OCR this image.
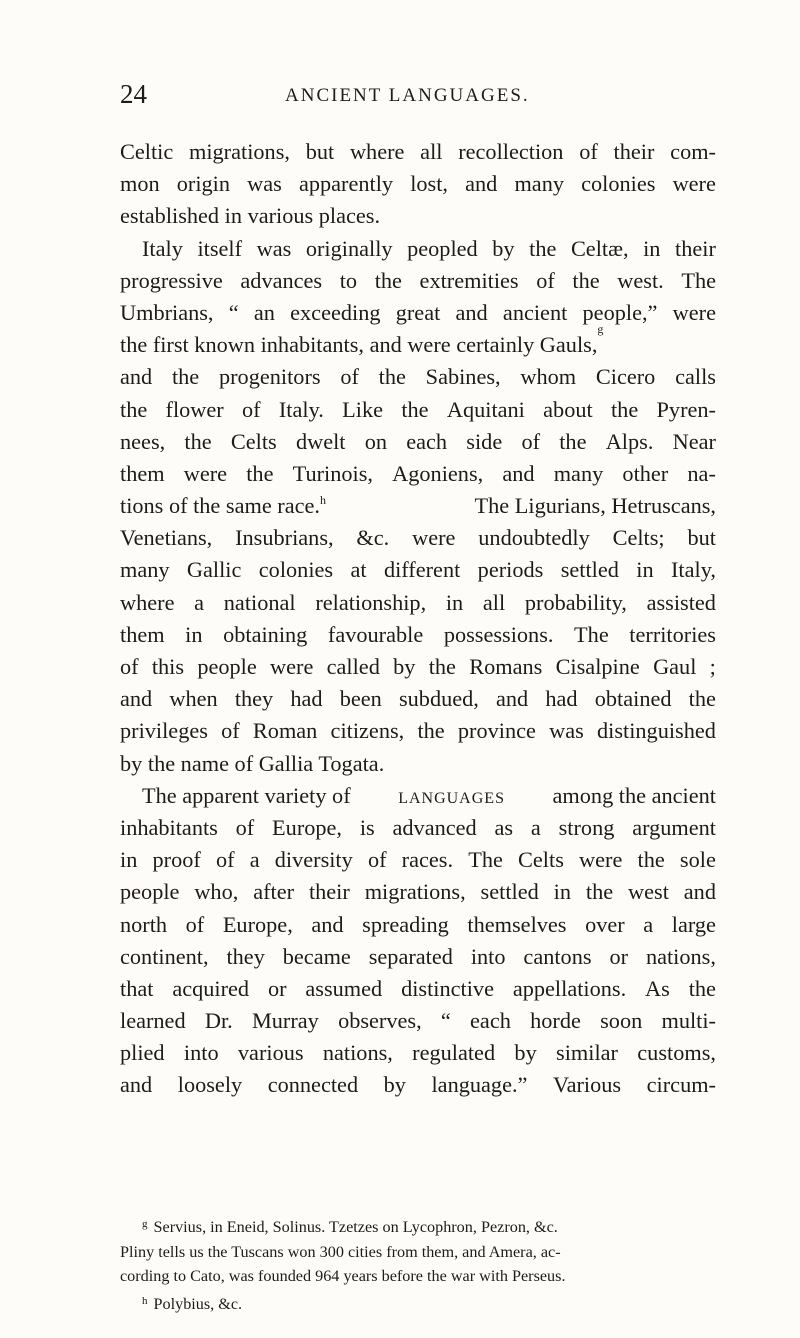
24	ANCIENT LANGUAGES.
Celtic migrations, but where all recollection of their com-
mon origin was apparently lost, and many colonies were
established in various places.
Italy itself was originally peopled by the Celtæ, in their
progressive advances to the extremities of the west. The
Umbrians, “ an exceeding great and ancient people,” were
the first known inhabitants, and were certainly Gauls,
g
and the progenitors of the Sabines, whom Cicero calls
the flower of Italy. Like the Aquitani about the Pyren-
nees, the Celts dwelt on each side of the Alps. Near
them were the Turinois, Agoniens, and many other na-
tions of the same race.$^h$	The Ligurians, Hetruscans,
Venetians, Insubrians, &c. were undoubtedly Celts; but
many Gallic colonies at different periods settled in Italy,
where a national relationship, in all probability, assisted
them in obtaining favourable possessions. The territories
of this people were called by the Romans Cisalpine Gaul ;
and when they had been subdued, and had obtained the
privileges of Roman citizens, the province was distinguished
by the name of Gallia Togata.
The apparent variety of languages among the ancient
inhabitants of Europe, is advanced as a strong argument
in proof of a diversity of races. The Celts were the sole
people who, after their migrations, settled in the west and
north of Europe, and spreading themselves over a large
continent, they became separated into cantons or nations,
that acquired or assumed distinctive appellations. As the
learned Dr. Murray observes, “ each horde soon multi-
plied into various nations, regulated by similar customs,
and loosely connected by language.” Various circum-
$^g$ Servius, in Eneid, Solinus. Tzetzes on Lycophron, Pezron, &c.
Pliny tells us the Tuscans won 300 cities from them, and Amera, ac-
cording to Cato, was founded 964 years before the war with Perseus.
$^h$ Polybius, &c.
